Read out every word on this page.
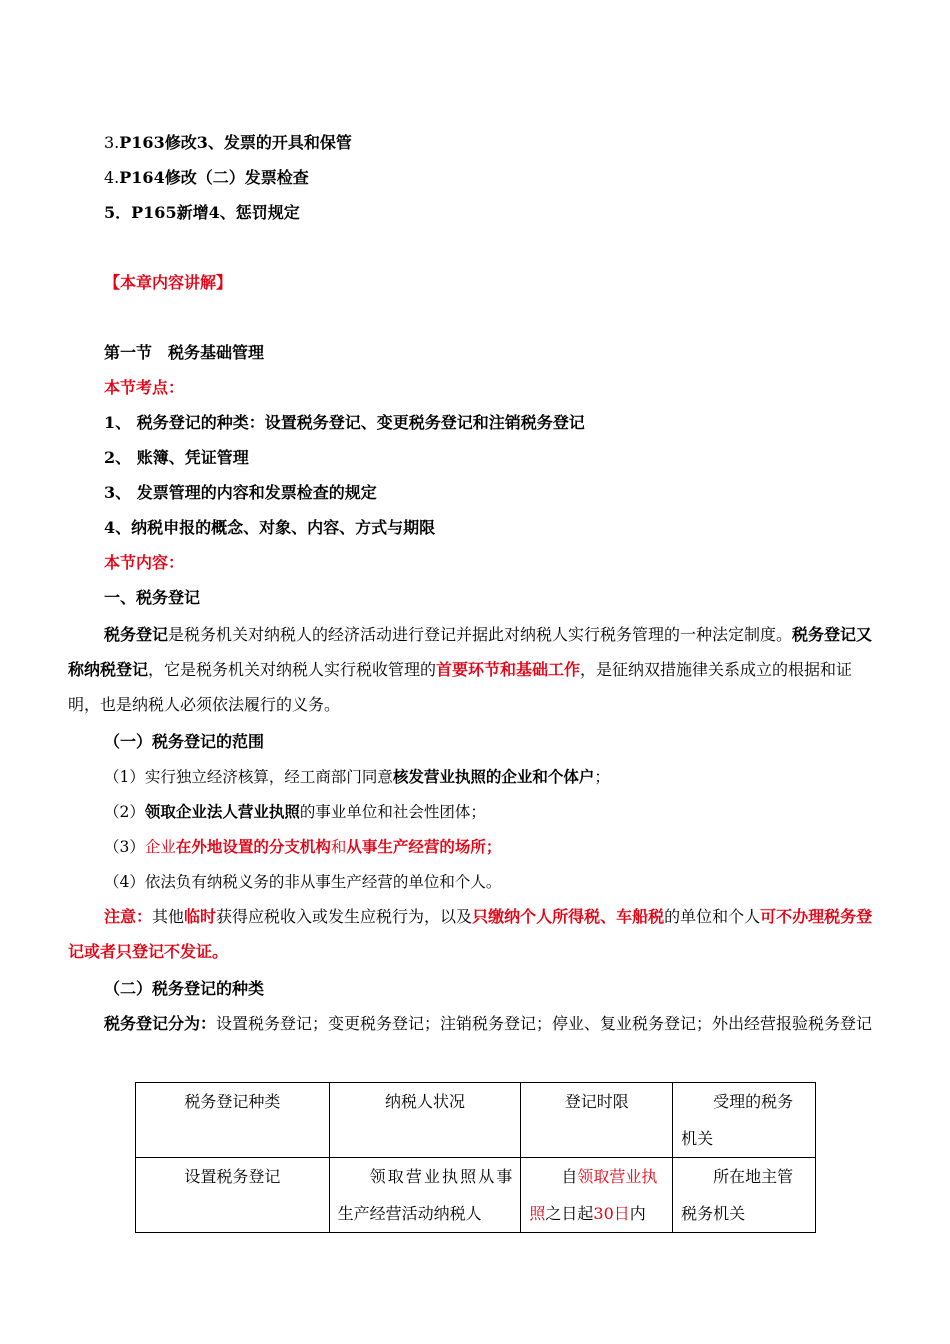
3.P163修改3、发票的开具和保管
4.P164修改（二）发票检查
5．P165新增4、惩罚规定
【本章内容讲解】
第一节　税务基础管理
本节考点：
1、 税务登记的种类：设置税务登记、变更税务登记和注销税务登记
2、 账簿、凭证管理
3、 发票管理的内容和发票检查的规定
4、纳税申报的概念、对象、内容、方式与期限
本节内容：
一、税务登记
税务登记是税务机关对纳税人的经济活动进行登记并据此对纳税人实行税务管理的一种法定制度。税务登记又称纳税登记，它是税务机关对纳税人实行税收管理的首要环节和基础工作，是征纳双措施律关系成立的根据和证明，也是纳税人必须依法履行的义务。
（一）税务登记的范围
（1）实行独立经济核算，经工商部门同意核发营业执照的企业和个体户；
（2）领取企业法人营业执照的事业单位和社会性团体；
（3）企业在外地设置的分支机构和从事生产经营的场所；
（4）依法负有纳税义务的非从事生产经营的单位和个人。
注意：其他临时获得应税收入或发生应税行为，以及只缴纳个人所得税、车船税的单位和个人可不办理税务登记或者只登记不发证。
（二）税务登记的种类
税务登记分为：设置税务登记；变更税务登记；注销税务登记；停业、复业税务登记；外出经营报验税务登记
税务登记种类	纳税人状况	登记时限	受理的税务机关
设置税务登记	领取营业执照从事生产经营活动纳税人	自领取营业执照之日起30日内	所在地主管税务机关
